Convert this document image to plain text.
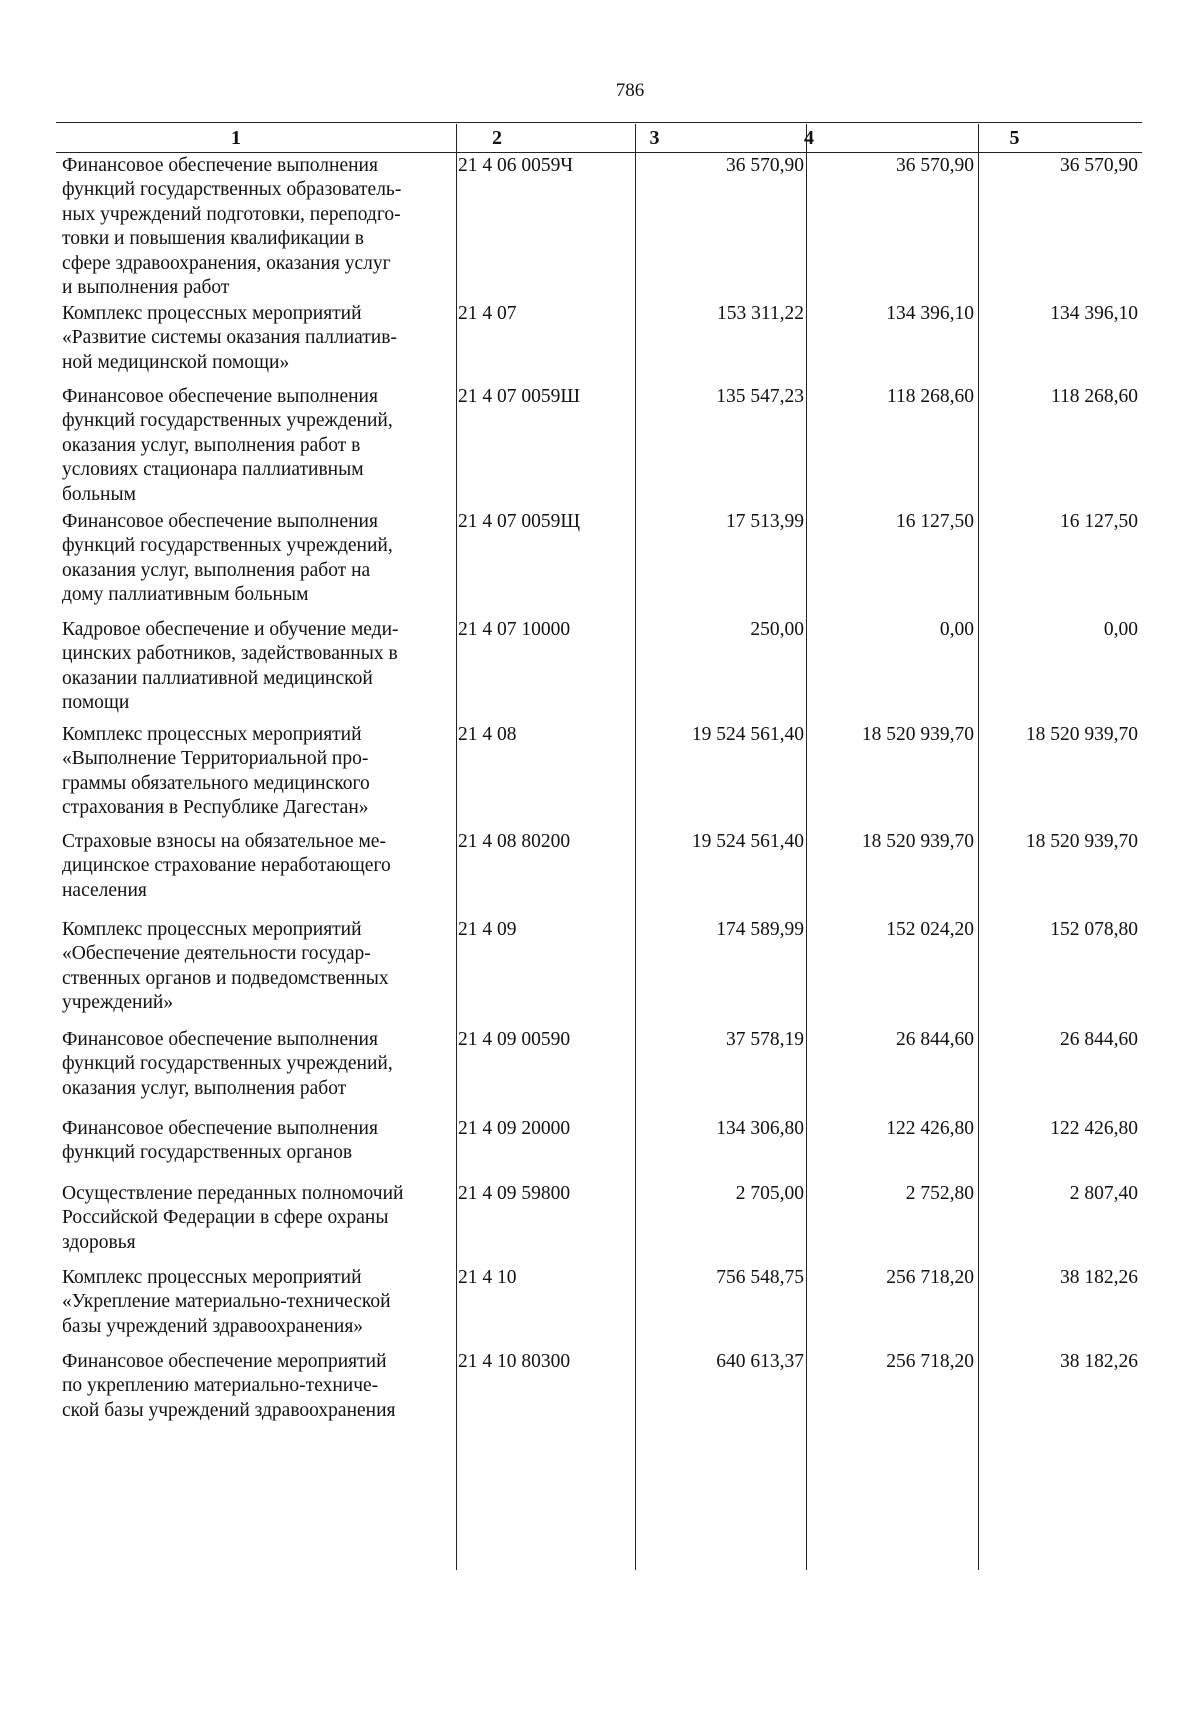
786
1	2	3	4	5
Финансовое обеспечение выполнения
функций государственных образователь-
ных учреждений подготовки, переподго-
товки и повышения квалификации в
сфере здравоохранения, оказания услуг
и выполнения работ
21 4 06 0059Ч	36 570,90	36 570,90	36 570,90
Комплекс процессных мероприятий
«Развитие системы оказания паллиатив-
ной медицинской помощи»
21 4 07	153 311,22	134 396,10	134 396,10
Финансовое обеспечение выполнения
функций государственных учреждений,
оказания услуг, выполнения работ в
условиях стационара паллиативным
больным
21 4 07 0059Ш	135 547,23	118 268,60	118 268,60
Финансовое обеспечение выполнения
функций государственных учреждений,
оказания услуг, выполнения работ на
дому паллиативным больным
21 4 07 0059Щ	17 513,99	16 127,50	16 127,50
Кадровое обеспечение и обучение меди-
цинских работников, задействованных в
оказании паллиативной медицинской
помощи
21 4 07 10000	250,00	0,00	0,00
Комплекс процессных мероприятий
«Выполнение Территориальной про-
граммы обязательного медицинского
страхования в Республике Дагестан»
21 4 08	19 524 561,40	18 520 939,70	18 520 939,70
Страховые взносы на обязательное ме-
дицинское страхование неработающего
населения
21 4 08 80200	19 524 561,40	18 520 939,70	18 520 939,70
Комплекс процессных мероприятий
«Обеспечение деятельности государ-
ственных органов и подведомственных
учреждений»
21 4 09	174 589,99	152 024,20	152 078,80
Финансовое обеспечение выполнения
функций государственных учреждений,
оказания услуг, выполнения работ
21 4 09 00590	37 578,19	26 844,60	26 844,60
Финансовое обеспечение выполнения
функций государственных органов
21 4 09 20000	134 306,80	122 426,80	122 426,80
Осуществление переданных полномочий
Российской Федерации в сфере охраны
здоровья
21 4 09 59800	2 705,00	2 752,80	2 807,40
Комплекс процессных мероприятий
«Укрепление материально-технической
базы учреждений здравоохранения»
21 4 10	756 548,75	256 718,20	38 182,26
Финансовое обеспечение мероприятий
по укреплению материально-техниче-
ской базы учреждений здравоохранения
21 4 10 80300	640 613,37	256 718,20	38 182,26
